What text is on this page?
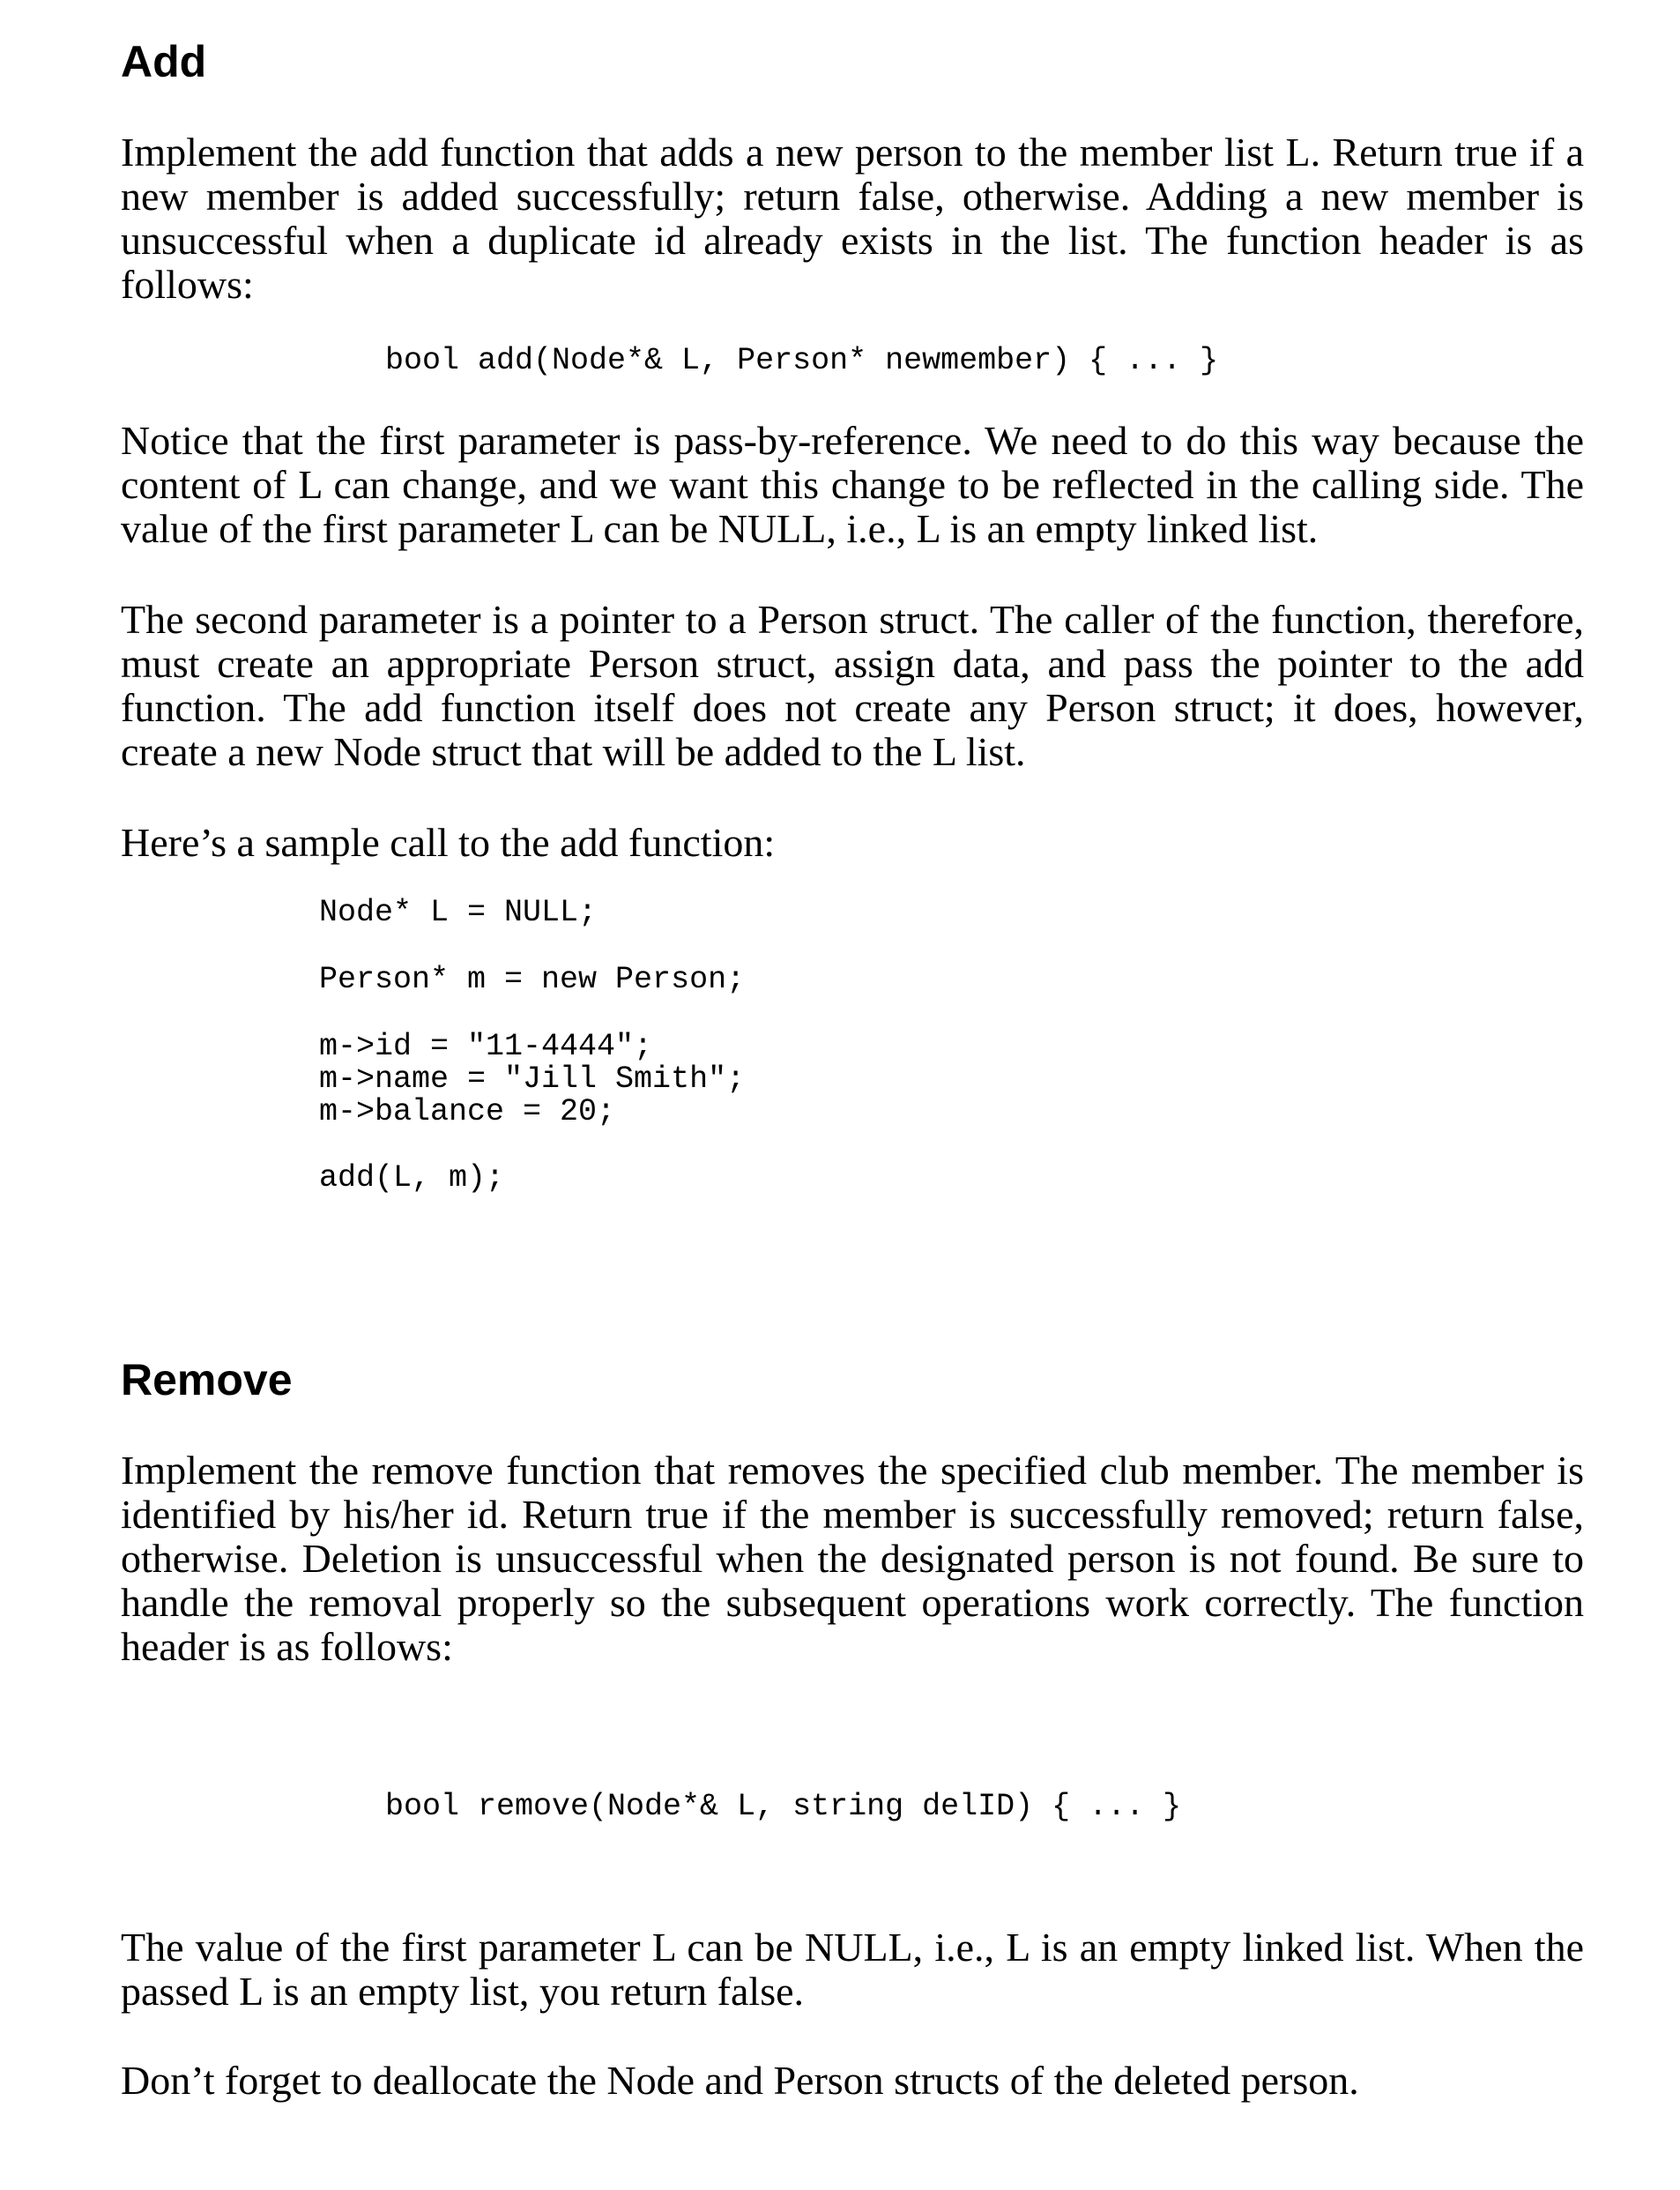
Add

Implement the add function that adds a new person to the member list L. Return true if a new member is added successfully; return false, otherwise. Adding a new member is unsuccessful when a duplicate id already exists in the list. The function header is as follows:

bool add(Node*& L, Person* newmember) { ... }

Notice that the first parameter is pass-by-reference. We need to do this way because the content of L can change, and we want this change to be reflected in the calling side. The value of the first parameter L can be NULL, i.e., L is an empty linked list.

The second parameter is a pointer to a Person struct. The caller of the function, therefore, must create an appropriate Person struct, assign data, and pass the pointer to the add function. The add function itself does not create any Person struct; it does, however, create a new Node struct that will be added to the L list.

Here’s a sample call to the add function:

Node* L = NULL;
Person* m = new Person;
m->id = "11-4444";
m->name = "Jill Smith";
m->balance = 20;
add(L, m);
Remove

Implement the remove function that removes the specified club member. The member is identified by his/her id. Return true if the member is successfully removed; return false, otherwise. Deletion is unsuccessful when the designated person is not found. Be sure to handle the removal properly so the subsequent operations work correctly. The function header is as follows:

bool remove(Node*& L, string delID) { ... }

The value of the first parameter L can be NULL, i.e., L is an empty linked list. When the passed L is an empty list, you return false.

Don’t forget to deallocate the Node and Person structs of the deleted person.
